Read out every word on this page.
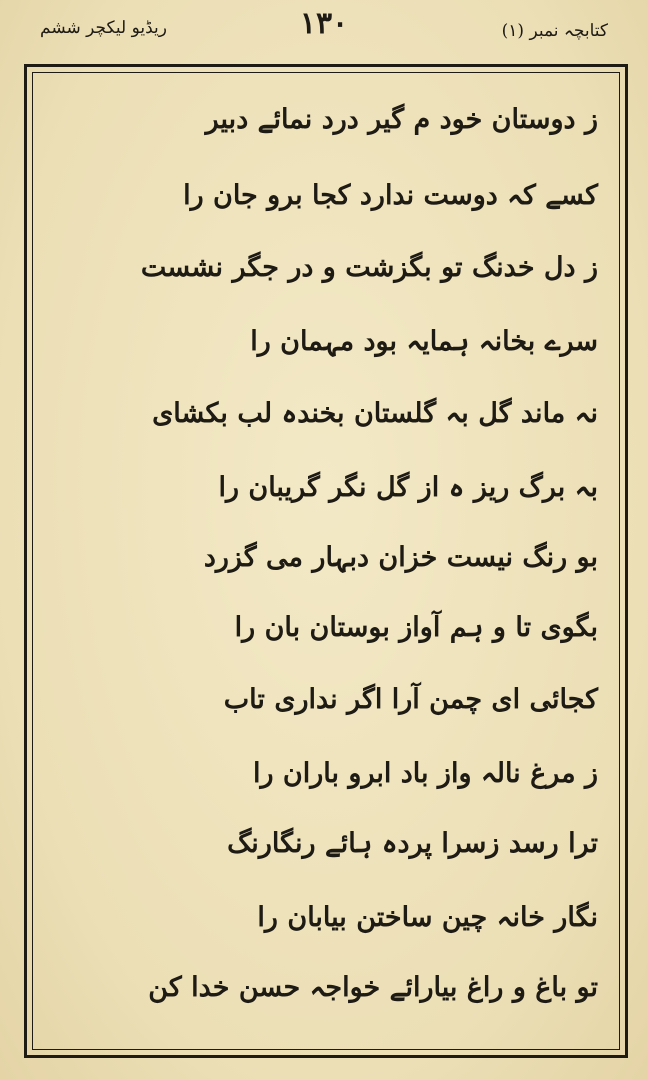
ریڈیو لیکچر ششم	۱۳۰	کتابچہ نمبر (۱)
ز دوستان خود م گیر درد نمائے دبیر
کسے کہ دوست ندارد کجا برو جان را
ز دل خدنگ تو بگزشت و در جگر نشست
سرے بخانہ ہمایہ بود مہمان را
نہ ماند گل بہ گلستان بخندہ لب بکشای
بہ برگ ریز ہ از گل نگر گریبان را
بو رنگ نیست خزان دبہار می گزرد
بگوی تا و ہم آواز بوستان بان را
کجائی ای چمن آرا اگر نداری تاب
ز مرغ نالہ واز باد ابرو باران را
ترا رسد زسرا پردہ ہائے رنگارنگ
نگار خانہ چین ساختن بیابان را
تو باغ و راغ بیارائے خواجہ حسن خدا کن
